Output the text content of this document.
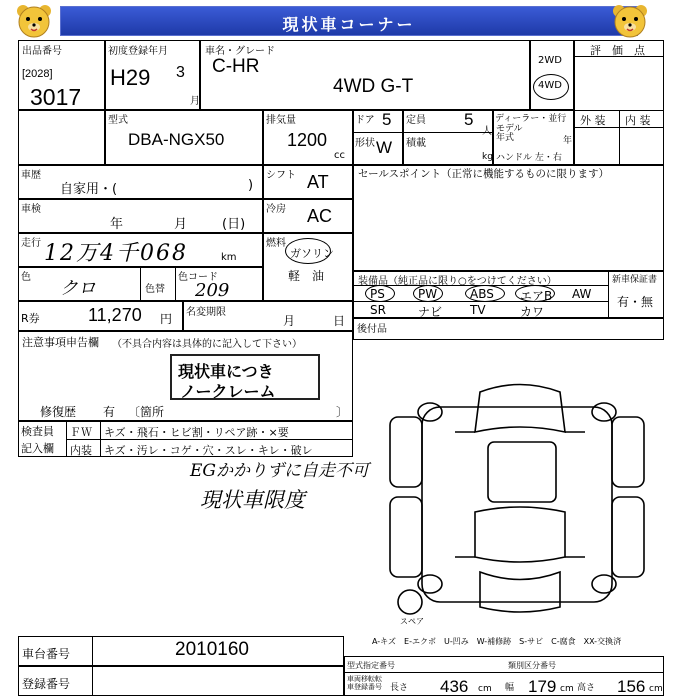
現状車コーナー
出品番号
[2028]
3017
初度登録年月
H29 3
月
車名・グレード
C-HR
4WD G-T
2WD
4WD
評　価　点
外 装 内 装
型式
DBA-NGX50
排気量
1200
cc
ドア 5
形状 W
定員 5
人
積載
kg
ディーラー・並行
モデル
年式	年
ハンドル 左・右
車歴
自家用・(	)
シフト AT
車検
年	月	(日)
冷房 AC
走行 12万4千068	km
燃料
ガソリン
軽　油
色
クロ	色替
色コード
209
R券	11,270 円 名変期限
月	日
セールスポイント（正常に機能するものに限ります）
装備品（純正品に限り○をつけてください）	新車保証書
有・無
PS	PW	ABS エアB AW
SR	ナビ TV	カワ
後付品
注意事項申告欄 （不具合内容は具体的に記入して下さい）
現状車につき
ノークレーム
修復歴 有 〔箇所	〕
検査員
記入欄
ＦＷ キズ・飛石・ヒビ割・リペア跡・×要
内装 キズ・汚レ・コゲ・穴・スレ・キレ・破レ
EGかかりずに自走不可
現状車限度
スペア
A-キズ　E-エクボ　U-凹み　W-補修跡　S-サビ　C-腐食　XX-交換済
車台番号	2010160
登録番号
型式指定番号	類別区分番号
車両移転転
車登録番号 長さ 436 cm 幅 179 cm 高さ 156 cm
